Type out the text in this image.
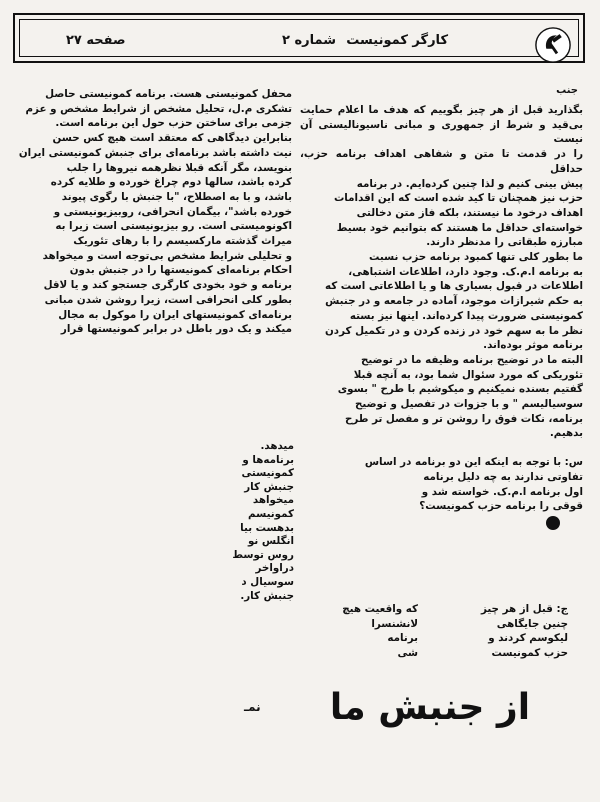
کارگر کمونیست
شماره ۲
صفحه ۲۷
جنب

بگذارید قبل از هر چیز بگوییم که هدف ما اعلام حمایت بی‌قید و شرط از جمهوری و مبانی ناسیونالیستی آن نیست

را در قدمت تا متن و شفاهی اهداف برنامه حزب، حداقل

پیش بینی کنیم و لذا چنین کرده‌ایم. در برنامه

حزب نیز همچنان تا کید شده است که این اقدامات

اهداف درخود ما نیستند، بلکه فاز متن دخالتی

خواسته‌ای حداقل ما هستند که بتوانیم خود بسیط

مبارزه طبقاتی را مدنظر دارند.

ما بطور کلی تنها کمبود برنامه حزب نسبت

به برنامه ا.م.ک. وجود دارد، اطلاعات اشتباهی،

اطلاعات در قبول بسیاری ها و یا اطلاعاتی است که

به حکم شیرازات موجود، آماده در جامعه و در جنبش

کمونیستی ضرورت پیدا کرده‌اند. اینها نیز بسته

نظر ما به سهم خود در زنده کردن و در تکمیل کردن

برنامه موثر بوده‌اند.

البته ما در توضیح برنامه وظیفه ما در توضیح

تئوریکی که مورد سئوال شما بود، به آنچه قبلا

گفتیم بسنده نمیکنیم و میکوشیم با طرح " بسوی

سوسیالیسم " و با جزوات در تفصیل و توضیح

برنامه، نکات فوق را روشن تر و مفصل تر طرح

بدهیم.

س: با توجه به اینکه این دو برنامه در اساس

تفاوتی ندارند به چه دلیل برنامه

اول برنامه ا.م.ک. خواسته شد و

قوقی را برنامه حزب کمونیست؟

ج: قبل از هر چیز
چنین جایگاهی
لیکوسم کردند و
حزب کمونیست
که واقعیت هیچ
لانشنسرا
برنامه
شی

محفل کمونیستی هست. برنامه کمونیستی حاصل

تشکری م.ل، تحلیل مشخص از شرایط مشخص و عزم

جزمی برای ساختن حزب حول این برنامه است.

بنابراین دیدگاهی که معتقد است هیچ کس حسن

نیت داشته باشد برنامه‌ای برای جنبش کمونیستی ایران

بنویسد، مگر آنکه قبلا نظرهمه نیروها را جلب

کرده باشد، سالها دوم چراغ خورده و طلایه کرده

باشد، و با به اصطلاح، "با جنبش با رگوی پیوند

خورده باشد"، بیگمان انحرافی، روبیزیونیستی و

اکونومیستی است. رو بیزیونیستی است زیرا به

میراث گذشته مارکسیسم را با رهای تئوریک

و تحلیلی شرایط مشخص بی‌توجه است و میخواهد

احکام برنامه‌ای کمونیستها را در جنبش بدون

برنامه و خود بخودی کارگری جستجو کند و یا لاقل

بطور کلی انحرافی است، زیرا روشن شدن مبانی

برنامه‌ای کمونیستهای ایران را موکول به مجال

میکند و یک دور باطل در برابر کمونیستها قرار

میدهد.

برنامه‌ها و

کمونیستی

جنبش کار

میخواهد

کمونیسم

بدهست بیا

انگلس نو

روس توسط

دراواخر

سوسیال د

جنبش کار.

نمـ	از جنبش ما
